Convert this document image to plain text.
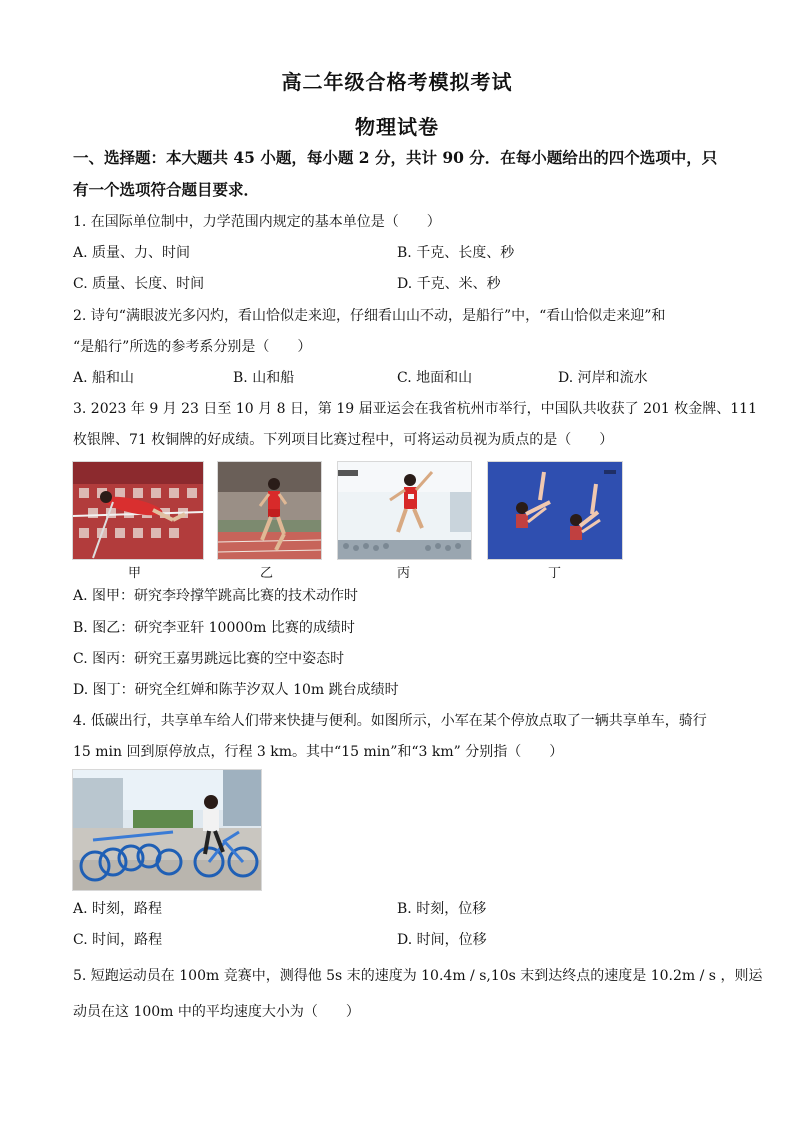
高二年级合格考模拟考试
物理试卷
一、选择题：本大题共 45 小题，每小题 2 分，共计 90 分．在每小题给出的四个选项中，只
有一个选项符合题目要求．
1. 在国际单位制中，力学范围内规定的基本单位是（　　）
A. 质量、力、时间	B. 千克、长度、秒
C. 质量、长度、时间	D. 千克、米、秒
2. 诗句“满眼波光多闪灼，看山恰似走来迎，仔细看山山不动，是船行”中，“看山恰似走来迎”和
“是船行”所选的参考系分别是（　　）
A. 船和山	B. 山和船	C. 地面和山	D. 河岸和流水
3. 2023 年 9 月 23 日至 10 月 8 日，第 19 届亚运会在我省杭州市举行，中国队共收获了 201 枚金牌、111
枚银牌、71 枚铜牌的好成绩。下列项目比赛过程中，可将运动员视为质点的是（　　）
甲	乙	丙	丁
A. 图甲：研究李玲撑竿跳高比赛的技术动作时
B. 图乙：研究李亚轩 10000m 比赛的成绩时
C. 图丙：研究王嘉男跳远比赛的空中姿态时
D. 图丁：研究全红婵和陈芋汐双人 10m 跳台成绩时
4. 低碳出行，共享单车给人们带来快捷与便利。如图所示，小军在某个停放点取了一辆共享单车，骑行
15 min 回到原停放点，行程 3 km。其中“15 min”和“3 km” 分别指（　　）
A. 时刻，路程	B. 时刻，位移
C. 时间，路程	D. 时间，位移
5. 短跑运动员在 100m 竞赛中，测得他 5s 末的速度为 10.4m / s,10s 末到达终点的速度是 10.2m / s ，则运
动员在这 100m 中的平均速度大小为（　　）
